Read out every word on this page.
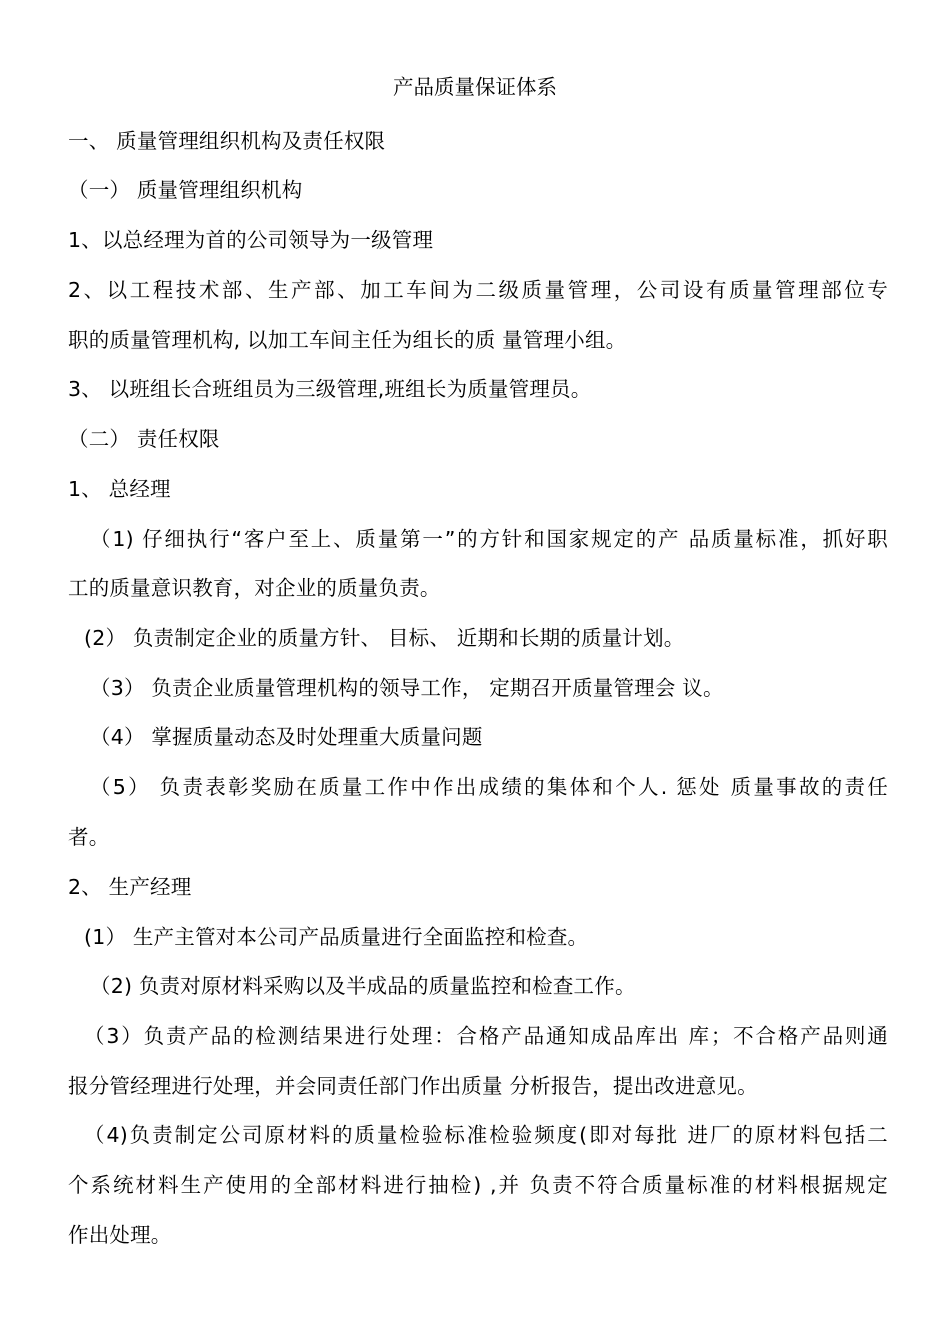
产品质量保证体系
一、 质量管理组织机构及责任权限
（一） 质量管理组织机构
1、以总经理为首的公司领导为一级管理
2、以工程技术部、生产部、加工车间为二级质量管理，公司设有质量管理部位专
职的质量管理机构, 以加工车间主任为组长的质 量管理小组。
3、 以班组长合班组员为三级管理,班组长为质量管理员。
（二） 责任权限
1、 总经理
（1) 仔细执行“客户至上、质量第一”的方针和国家规定的产 品质量标准，抓好职
工的质量意识教育，对企业的质量负责。
(2） 负责制定企业的质量方针、 目标、 近期和长期的质量计划。
（3） 负责企业质量管理机构的领导工作， 定期召开质量管理会 议。
（4） 掌握质量动态及时处理重大质量问题
（5） 负责表彰奖励在质量工作中作出成绩的集体和个人. 惩处 质量事故的责任
者。
2、 生产经理
(1） 生产主管对本公司产品质量进行全面监控和检查。
（2) 负责对原材料采购以及半成品的质量监控和检查工作。
（3）负责产品的检测结果进行处理：合格产品通知成品库出 库；不合格产品则通
报分管经理进行处理，并会同责任部门作出质量 分析报告，提出改进意见。
（4)负责制定公司原材料的质量检验标准检验频度(即对每批 进厂的原材料包括二
个系统材料生产使用的全部材料进行抽检) ,并 负责不符合质量标准的材料根据规定
作出处理。
